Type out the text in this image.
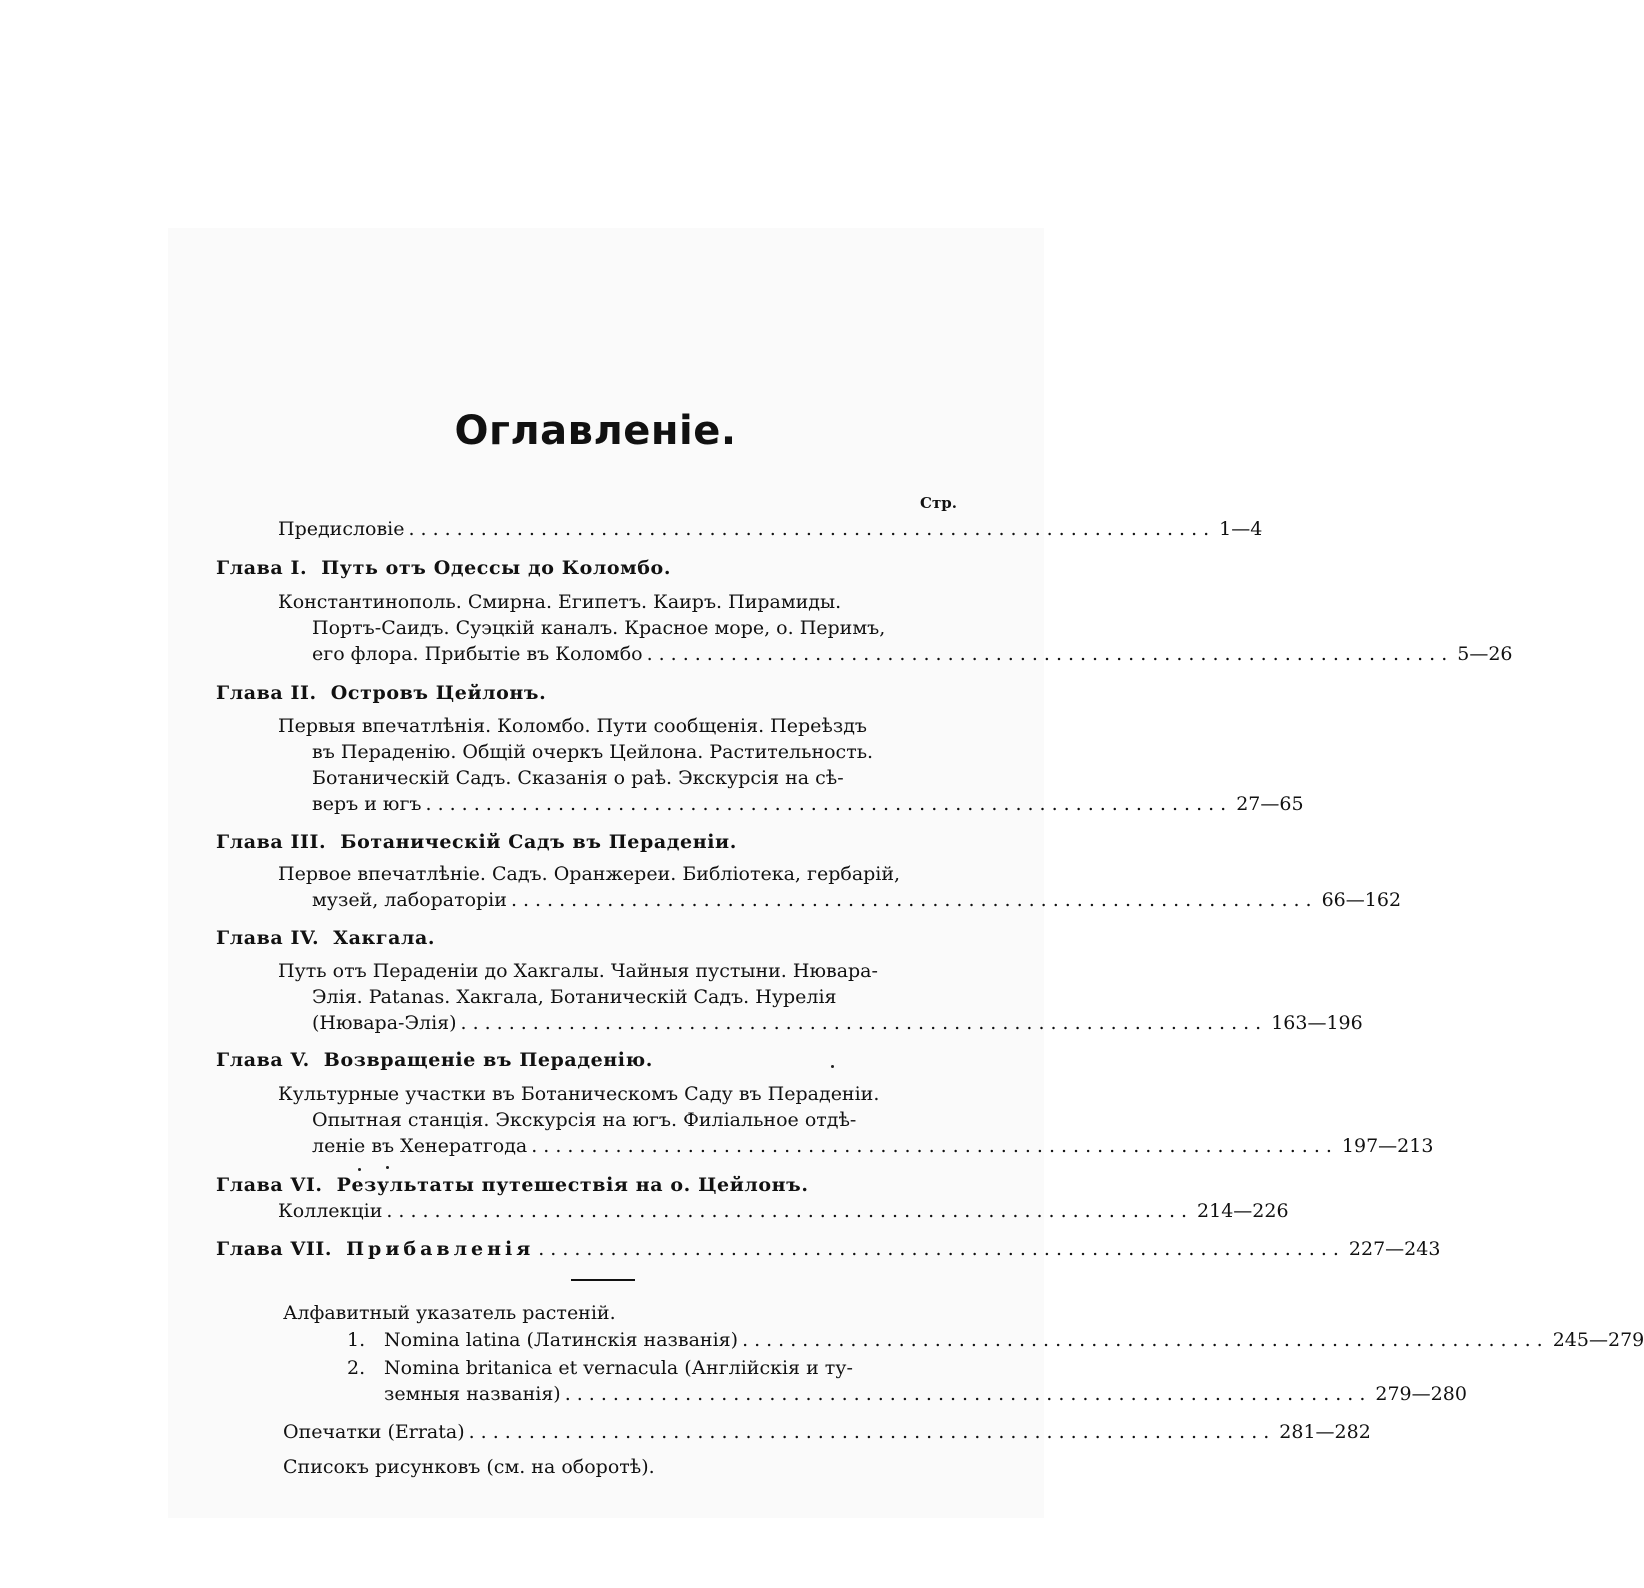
Оглавленіе.
Стр.
Предисловіе ................................................................... 1—4
Глава I. Путь отъ Одессы до Коломбо.
Константинополь. Смирна. Египетъ. Каиръ. Пирамиды.
Портъ-Саидъ. Суэцкій каналъ. Красное море, о. Перимъ,
его флора. Прибытіе въ Коломбо ................................................................... 5—26
Глава II. Островъ Цейлонъ.
Первыя впечатлѣнія. Коломбо. Пути сообщенія. Переѣздъ
въ Пераденію. Общій очеркъ Цейлона. Растительность.
Ботаническій Садъ. Сказанія о раѣ. Экскурсія на сѣ-
веръ и югъ ................................................................... 27—65
Глава III. Ботаническій Садъ въ Пераденіи.
Первое впечатлѣніе. Садъ. Оранжереи. Библіотека, гербарій,
музей, лабораторіи ................................................................... 66—162
Глава IV. Хакгала.
Путь отъ Пераденіи до Хакгалы. Чайныя пустыни. Нювара-
Элія. Patanas. Хакгала, Ботаническій Садъ. Нурелія
(Нювара-Элія) ................................................................... 163—196
Глава V. Возвращеніе въ Пераденію.
Культурные участки въ Ботаническомъ Саду въ Пераденіи.
Опытная станція. Экскурсія на югъ. Филіальное отдѣ-
леніе въ Хенератгода ................................................................... 197—213
Глава VI. Результаты путешествія на о. Цейлонъ.
Коллекціи ................................................................... 214—226
Глава VII. Прибавленія ................................................................... 227—243
Алфавитный указатель растеній.
1. Nomina latina (Латинскія названія) ................................................................... 245—279
2. Nomina britanica et vernacula (Англійскія и ту-
земныя названія) ................................................................... 279—280
Опечатки (Errata) ................................................................... 281—282
Списокъ рисунковъ (см. на оборотѣ).
